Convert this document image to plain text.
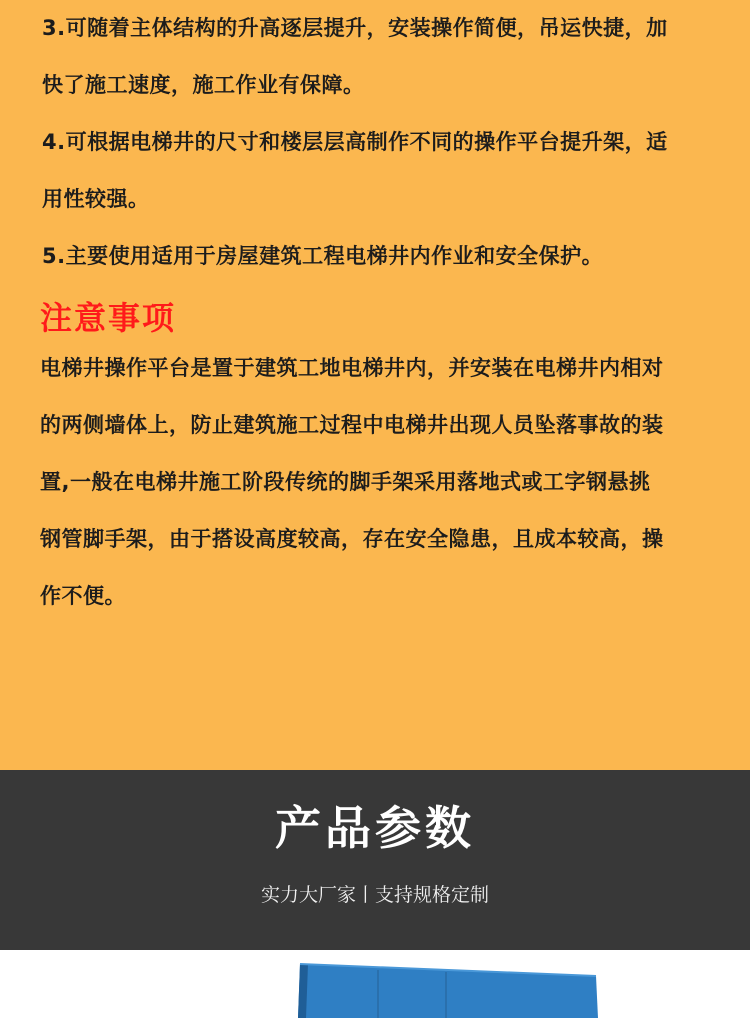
3.可随着主体结构的升高逐层提升，安装操作简便，吊运快捷，加
快了施工速度，施工作业有保障。
4.可根据电梯井的尺寸和楼层层高制作不同的操作平台提升架，适
用性较强。
5.主要使用适用于房屋建筑工程电梯井内作业和安全保护。
注意事项
电梯井操作平台是置于建筑工地电梯井内，并安装在电梯井内相对
的两侧墙体上，防止建筑施工过程中电梯井出现人员坠落事故的装
置,一般在电梯井施工阶段传统的脚手架采用落地式或工字钢悬挑
钢管脚手架，由于搭设高度较高，存在安全隐患，且成本较高，操
作不便。
产品参数
实力大厂家丨支持规格定制
